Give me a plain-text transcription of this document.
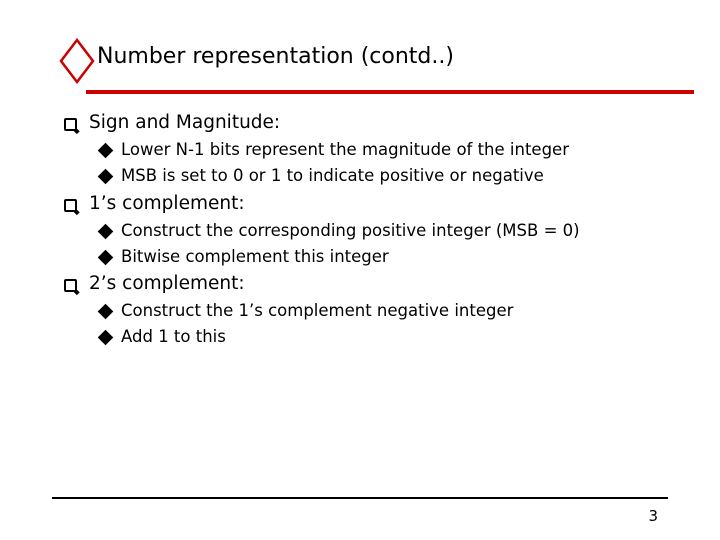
Number representation (contd..)
Sign and Magnitude:
Lower N-1 bits represent the magnitude of the integer
MSB is set to 0 or 1 to indicate positive or negative
1’s complement:
Construct the corresponding positive integer (MSB = 0)
Bitwise complement this integer
2’s complement:
Construct the 1’s complement negative integer
Add 1 to this
3
